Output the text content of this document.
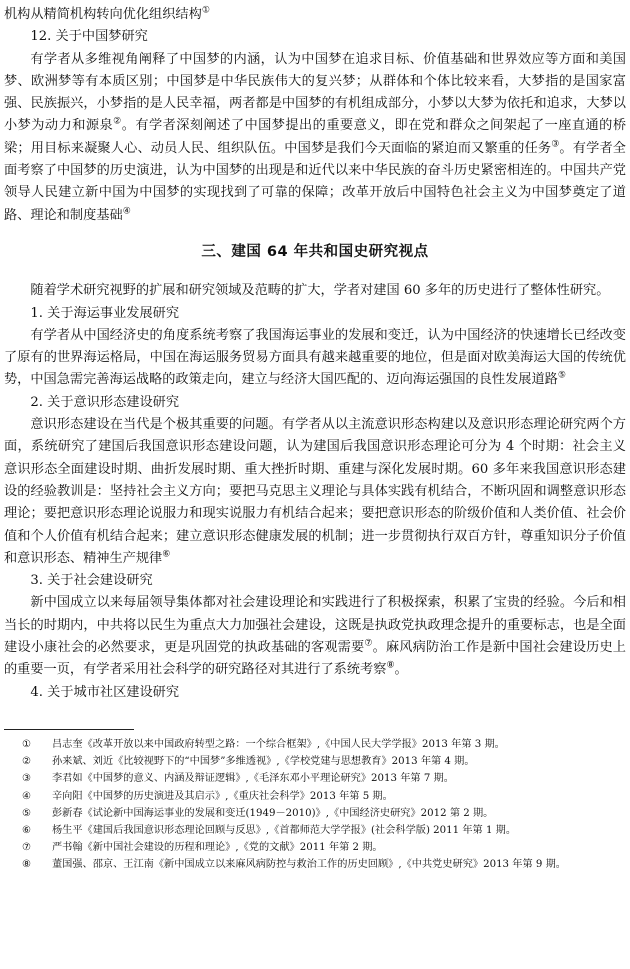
机构从精简机构转向优化组织结构①

12. 关于中国梦研究

有学者从多维视角阐释了中国梦的内涵，认为中国梦在追求目标、价值基础和世界效应等方面和美国梦、欧洲梦等有本质区别；中国梦是中华民族伟大的复兴梦；从群体和个体比较来看，大梦指的是国家富强、民族振兴，小梦指的是人民幸福，两者都是中国梦的有机组成部分，小梦以大梦为依托和追求，大梦以小梦为动力和源泉②。有学者深刻阐述了中国梦提出的重要意义，即在党和群众之间架起了一座直通的桥梁；用目标来凝聚人心、动员人民、组织队伍。中国梦是我们今天面临的紧迫而又繁重的任务③。有学者全面考察了中国梦的历史演进，认为中国梦的出现是和近代以来中华民族的奋斗历史紧密相连的。中国共产党领导人民建立新中国为中国梦的实现找到了可靠的保障；改革开放后中国特色社会主义为中国梦奠定了道路、理论和制度基础④

三、建国 64 年共和国史研究视点

随着学术研究视野的扩展和研究领域及范畴的扩大，学者对建国 60 多年的历史进行了整体性研究。

1. 关于海运事业发展研究

有学者从中国经济史的角度系统考察了我国海运事业的发展和变迁，认为中国经济的快速增长已经改变了原有的世界海运格局，中国在海运服务贸易方面具有越来越重要的地位，但是面对欧美海运大国的传统优势，中国急需完善海运战略的政策走向，建立与经济大国匹配的、迈向海运强国的良性发展道路⑤

2. 关于意识形态建设研究

意识形态建设在当代是个极其重要的问题。有学者从以主流意识形态构建以及意识形态理论研究两个方面，系统研究了建国后我国意识形态建设问题，认为建国后我国意识形态理论可分为 4 个时期：社会主义意识形态全面建设时期、曲折发展时期、重大挫折时期、重建与深化发展时期。60 多年来我国意识形态建设的经验教训是：坚持社会主义方向；要把马克思主义理论与具体实践有机结合，不断巩固和调整意识形态理论；要把意识形态理论说服力和现实说服力有机结合起来；要把意识形态的阶级价值和人类价值、社会价值和个人价值有机结合起来；建立意识形态健康发展的机制；进一步贯彻执行双百方针，尊重知识分子价值和意识形态、精神生产规律⑥

3. 关于社会建设研究

新中国成立以来每届领导集体都对社会建设理论和实践进行了积极探索，积累了宝贵的经验。今后和相当长的时期内，中共将以民生为重点大力加强社会建设，这既是执政党执政理念提升的重要标志，也是全面建设小康社会的必然要求，更是巩固党的执政基础的客观需要⑦。麻风病防治工作是新中国社会建设历史上的重要一页，有学者采用社会科学的研究路径对其进行了系统考察⑧。

4. 关于城市社区建设研究

①	吕志奎《改革开放以来中国政府转型之路：一个综合框架》,《中国人民大学学报》2013 年第 3 期。
②	孙来斌、刘近《比较视野下的“中国梦”多维透视》,《学校党建与思想教育》2013 年第 4 期。
③	李君如《中国梦的意义、内涵及辩证逻辑》,《毛泽东邓小平理论研究》2013 年第 7 期。
④	辛向阳《中国梦的历史演进及其启示》,《重庆社会科学》2013 年第 5 期。
⑤	彭新春《试论新中国海运事业的发展和变迁(1949－2010)》,《中国经济史研究》2012 第 2 期。
⑥	杨生平《建国后我国意识形态理论回顾与反思》,《首都师范大学学报》(社会科学版) 2011 年第 1 期。
⑦	严书翰《新中国社会建设的历程和理论》,《党的文献》2011 年第 2 期。
⑧	董国强、邵京、王江南《新中国成立以来麻风病防控与救治工作的历史回顾》,《中共党史研究》2013 年第 9 期。
